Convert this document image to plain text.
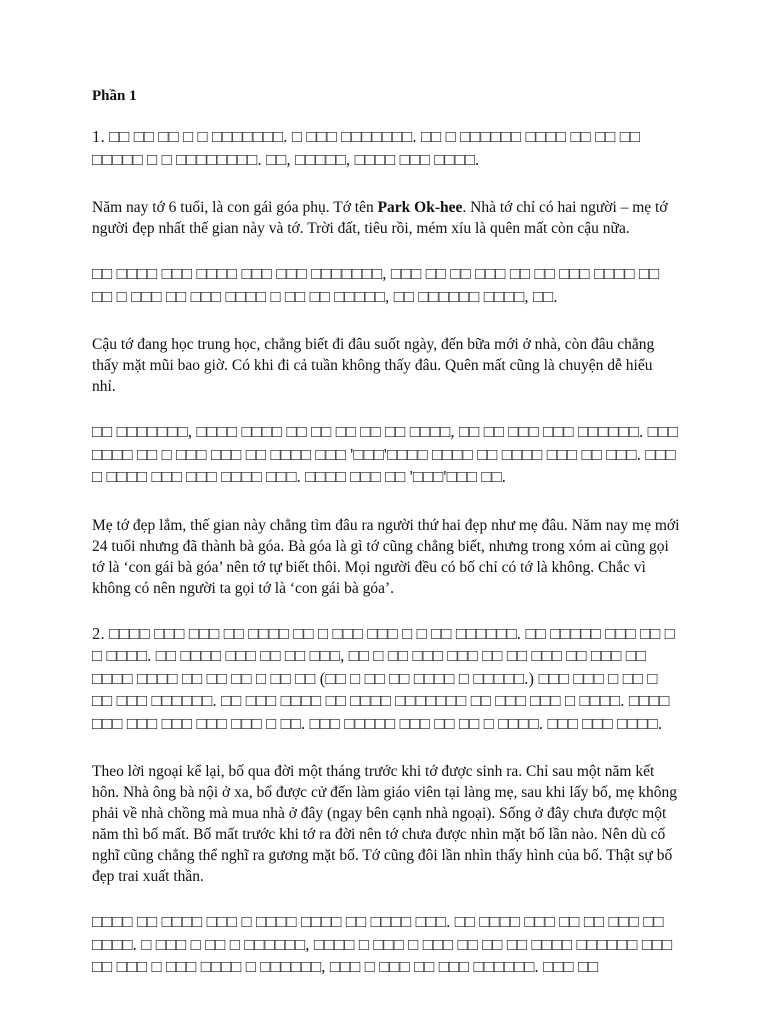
Phần 1

1. □□ □□ □□ □ □ □□□□□□□. □ □□□ □□□□□□□. □□ □ □□□□□□ □□□□ □□ □□ □□ □□□□□ □ □ □□□□□□□□. □□, □□□□□, □□□□ □□□ □□□□.

Năm nay tớ 6 tuổi, là con gái góa phụ. Tớ tên Park Ok-hee. Nhà tớ chỉ có hai người – mẹ tớ người đẹp nhất thế gian này và tớ. Trời đất, tiêu rồi, mém xíu là quên mất còn cậu nữa.

□□ □□□□ □□□ □□□□ □□□ □□□ □□□□□□□, □□□ □□ □□ □□□ □□ □□ □□□ □□□□ □□ □□ □ □□□ □□ □□□ □□□□ □ □□ □□ □□□□□, □□ □□□□□□ □□□□, □□.

Cậu tớ đang học trung học, chẳng biết đi đâu suốt ngày, đến bữa mới ở nhà, còn đâu chẳng thấy mặt mũi bao giờ. Có khi đi cả tuần không thấy đâu. Quên mất cũng là chuyện dễ hiểu nhỉ.

□□ □□□□□□□, □□□□ □□□□ □□ □□ □□ □□ □□ □□□□, □□ □□ □□□ □□□ □□□□□□. □□□ □□□□ □□ □ □□□ □□□ □□ □□□□ □□□ '□□□'□□□□ □□□□ □□ □□□□ □□□ □□ □□□. □□□ □ □□□□ □□□ □□□ □□□□ □□□. □□□□ □□□ □□ '□□□'□□□ □□.

Mẹ tớ đẹp lắm, thế gian này chẳng tìm đâu ra người thứ hai đẹp như mẹ đâu. Năm nay mẹ mới 24 tuổi nhưng đã thành bà góa. Bà góa là gì tớ cũng chẳng biết, nhưng trong xóm ai cũng gọi tớ là ‘con gái bà góa’ nên tớ tự biết thôi. Mọi người đều có bố chỉ có tớ là không. Chắc vì không có nên người ta gọi tớ là ‘con gái bà góa’.

2. □□□□ □□□ □□□ □□ □□□□ □□ □ □□□ □□□ □ □ □□ □□□□□□. □□ □□□□□ □□□ □□ □ □ □□□□. □□ □□□□ □□□ □□ □□ □□□, □□ □ □□ □□□ □□□ □□ □□ □□□ □□ □□□ □□ □□□□ □□□□ □□ □□ □□ □ □□ □□ (□□ □ □□ □□ □□□□ □ □□□□□.) □□□ □□□ □ □□ □ □□ □□□ □□□□□□. □□ □□□ □□□□ □□ □□□□ □□□□□□□ □□ □□□ □□□ □ □□□□. □□□□ □□□ □□□ □□□ □□□ □□□ □ □□. □□□ □□□□□ □□□ □□ □□ □ □□□□. □□□ □□□ □□□□.

Theo lời ngoại kể lại, bố qua đời một tháng trước khi tớ được sinh ra. Chỉ sau một năm kết hôn. Nhà ông bà nội ở xa, bố được cử đến làm giáo viên tại làng mẹ, sau khi lấy bố, mẹ không phải về nhà chồng mà mua nhà ở đây (ngay bên cạnh nhà ngoại). Sống ở đây chưa được một năm thì bố mất. Bố mất trước khi tớ ra đời nên tớ chưa được nhìn mặt bố lần nào. Nên dù cố nghĩ cũng chẳng thể nghĩ ra gương mặt bố. Tớ cũng đôi lần nhìn thấy hình của bố. Thật sự bố đẹp trai xuất thần.

□□□□ □□ □□□□ □□□ □ □□□□ □□□□ □□ □□□□ □□□. □□ □□□□ □□□ □□ □□ □□□ □□ □□□□. □ □□□ □ □□ □ □□□□□□, □□□□ □ □□□ □ □□□ □□ □□ □□ □□□□ □□□□□□ □□□ □□ □□□ □ □□□ □□□□ □ □□□□□□, □□□ □ □□□ □□ □□□ □□□□□□. □□□ □□
